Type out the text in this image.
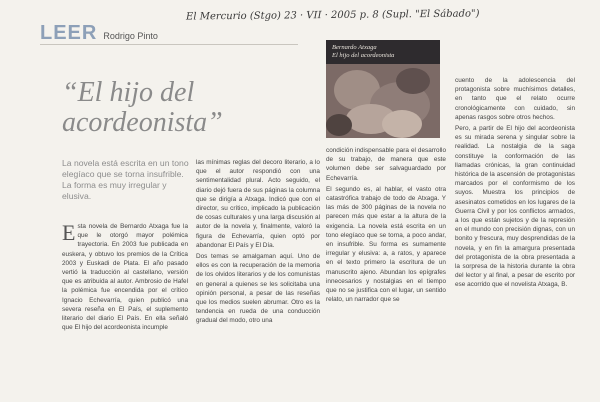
El Mercurio (Stgo) 23 · VII · 2005 p. 8 (Supl. "El Sábado")
LEER Rodrigo Pinto
“El hijo del acordeonista”
La novela está escrita en un tono elegíaco que se torna insufrible. La forma es muy irregular y elusiva.
Esta novela de Bernardo Atxaga fue la que le otorgó mayor polémica trayectoria. En 2003 fue publicada en euskera, y obtuvo los premios de la Crítica 2003 y Euskadi de Plata. El año pasado vertió la traducción al castellano, versión que es atribuida al autor. Ambrosio de Hafel la polémica fue encendida por el crítico Ignacio Echevarría, quien publicó una severa reseña en El País, el suplemento literario del diario El País. En ella señaló que El hijo del acordeonista incumple

las mínimas reglas del decoro literario, a lo que el autor respondió con una sentimentalidad plural. Acto seguido, el diario dejó fuera de sus páginas la columna que se dirigía a Atxaga. Indicó que con el director, su crítico, implicado la publicación de cosas culturales y una larga discusión al autor de la novela y, finalmente, valoró la figura de Echevarría, quien optó por abandonar El País y El Día.

Dos temas se amalgaman aquí. Uno de ellos es con la recuperación de la memoria de los olvidos literarios y de los comunistas en general a quienes se les solicitaba una opinión personal, a pesar de las reseñas que los medios suelen abrumar. Otro es la tendencia en rueda de una conducción gradual del modo, otro una

Bernardo Atxaga
El hijo del acordeonista

condición indispensable para el desarrollo de su trabajo, de manera que este volumen debe ser salvaguardado por Echevarría.

El segundo es, al hablar, el vasto otra catastrófica trabajo de todo de Atxaga. Y las más de 300 páginas de la novela no parecen más que estar a la altura de la exigencia. La novela está escrita en un tono elegíaco que se torna, a poco andar, en insufrible. Su forma es sumamente irregular y elusiva: a, a ratos, y aparece en el texto primero la escritura de un manuscrito ajeno. Abundan los epígrafes innecesarios y nostalgias en el tiempo que no se justifica con el lugar, un sentido relato, un narrador que se

cuento de la adolescencia del protagonista sobre muchísimos detalles, en tanto que el relato ocurre cronológicamente con cuidado, sin apenas rasgos sobre otros hechos.

Pero, a partir de El hijo del acordeonista es su mirada serena y singular sobre la realidad. La nostalgia de la saga constituye la conformación de las llamadas crónicas, la gran continuidad histórica de la ascensión de protagonistas marcados por el conformismo de los suyos. Muestra los principios de asesinatos cometidos en los lugares de la Guerra Civil y por los conflictos armados, a los que están sujetos y de la represión en el mundo con precisión dignas, con un bonito y frescura, muy desprendidas de la novela, y en fin la amargura presentada del protagonista de la obra presentada a la sorpresa de la historia durante la obra del lector y al final, a pesar de escrito por ese acorrido que el novelista Atxaga, B.
